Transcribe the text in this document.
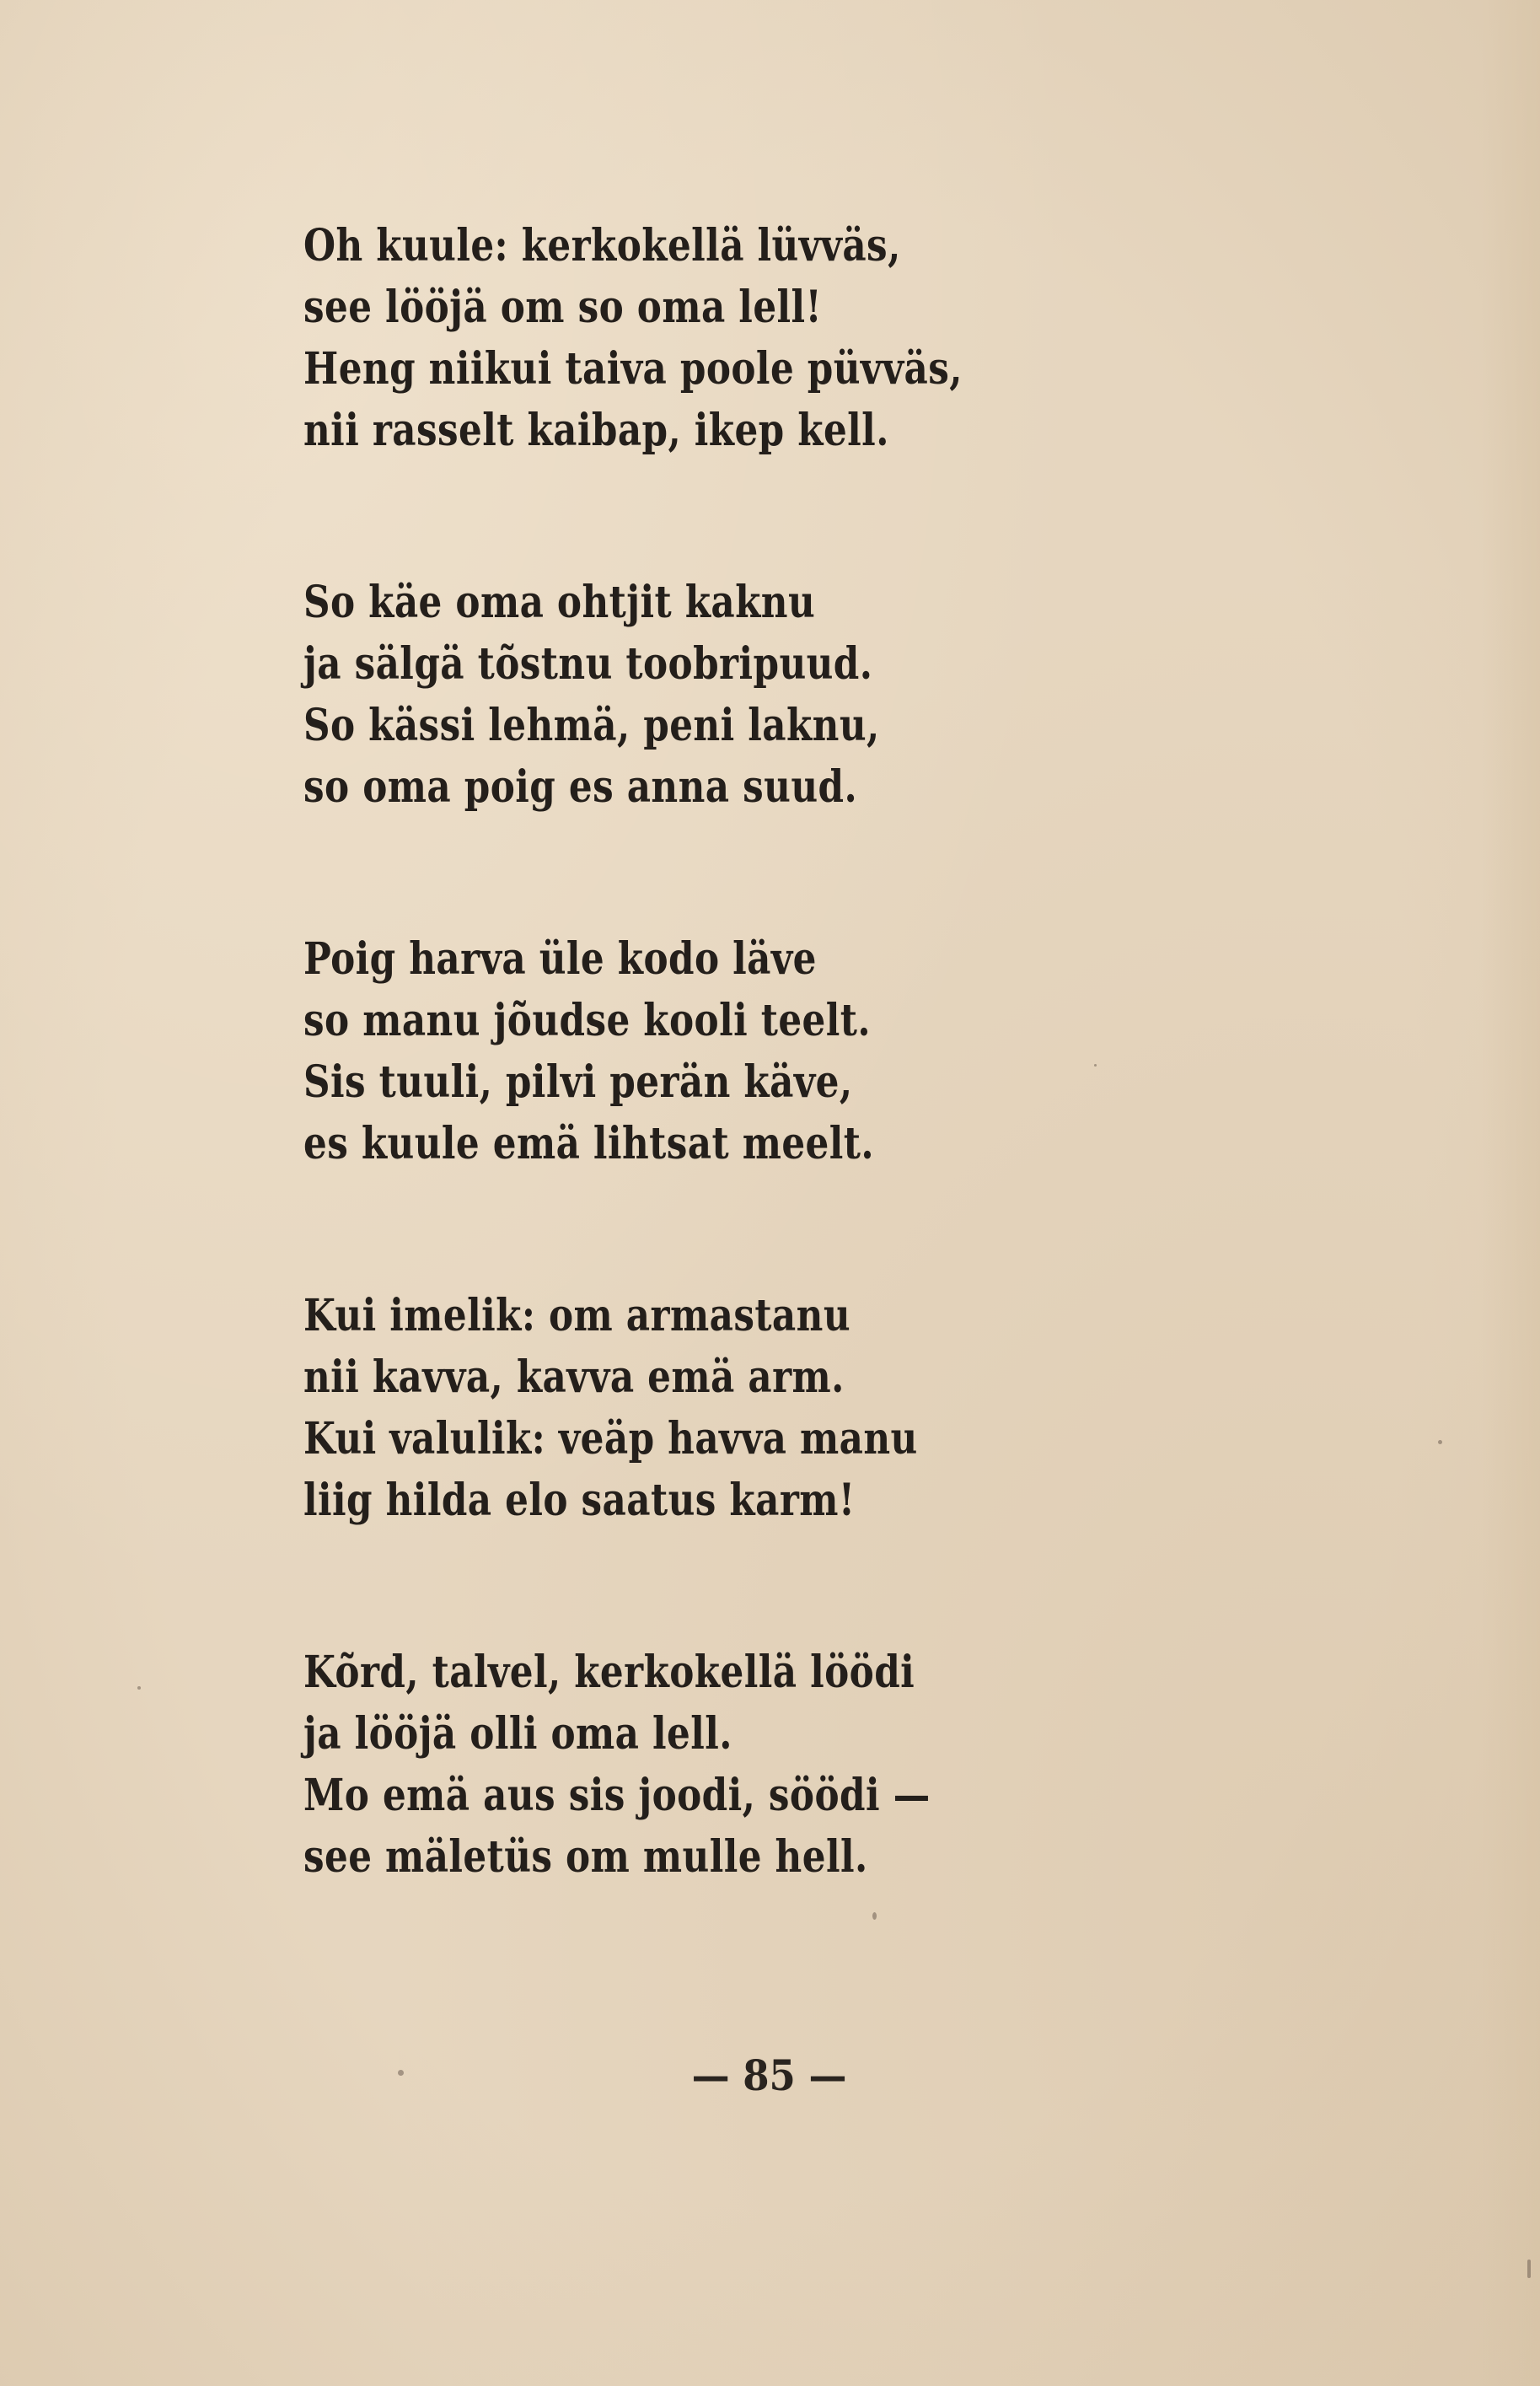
Oh kuule: kerkokellä lüvväs,
see lööjä om so oma lell!
Heng niikui taiva poole püvväs,
nii rasselt kaibap, ikep kell.
So käe oma ohtjit kaknu
ja sälgä tõstnu toobripuud.
So kässi lehmä, peni laknu,
so oma poig es anna suud.
Poig harva üle kodo läve
so manu jõudse kooli teelt.
Sis tuuli, pilvi perän käve,
es kuule emä lihtsat meelt.
Kui imelik: om armastanu
nii kavva, kavva emä arm.
Kui valulik: veäp havva manu
liig hilda elo saatus karm!
Kõrd, talvel, kerkokellä löödi
ja lööjä olli oma lell.
Mo emä aus sis joodi, söödi —
see mäletüs om mulle hell.
— 85 —
